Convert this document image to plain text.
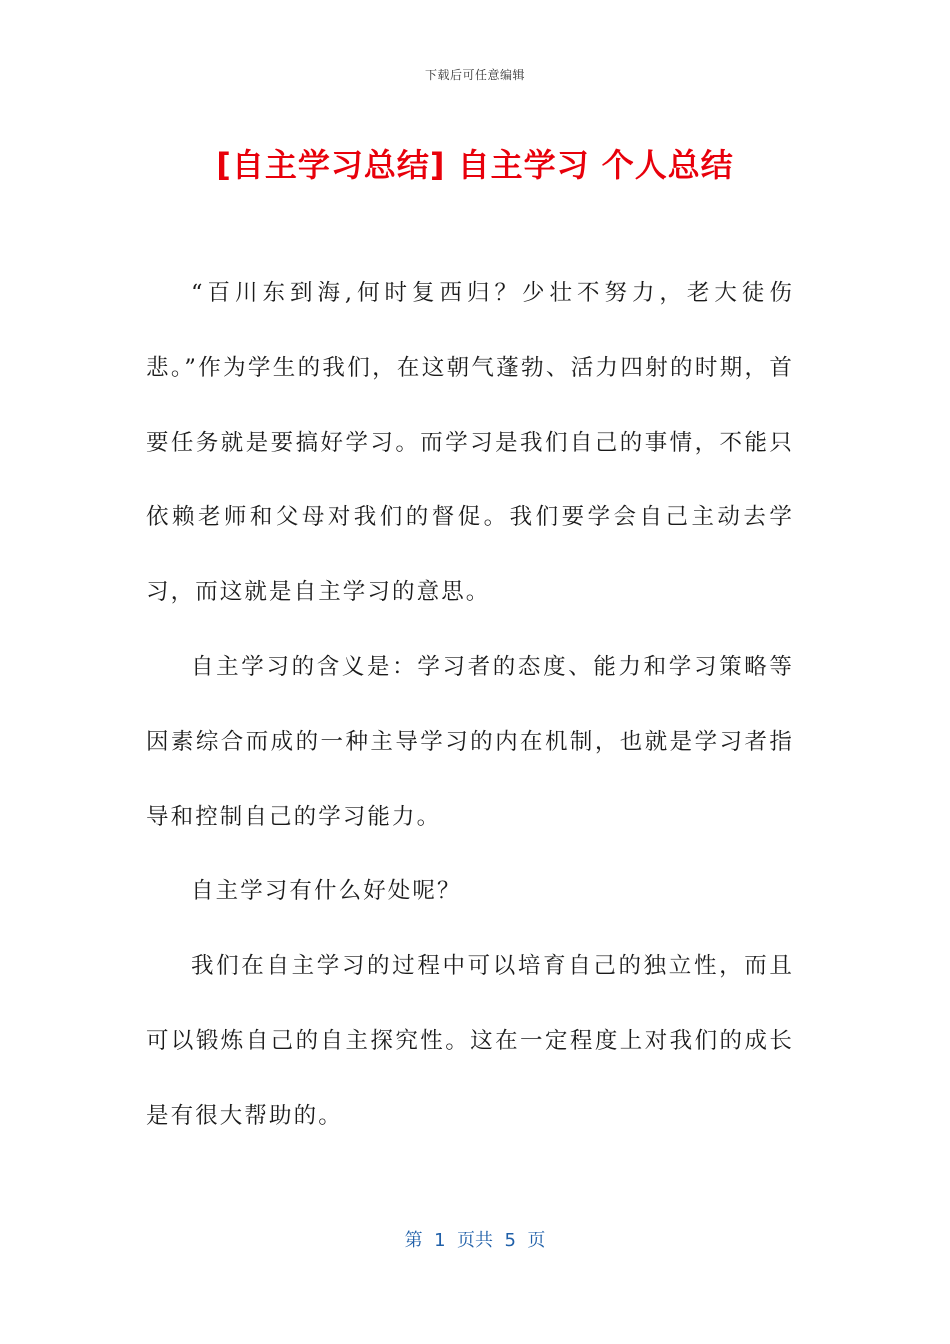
下载后可任意编辑
[自主学习总结] 自主学习 个人总结

“百川东到海,何时复西归？少壮不努力，老大徒伤悲。”作为学生的我们，在这朝气蓬勃、活力四射的时期，首要任务就是要搞好学习。而学习是我们自己的事情，不能只依赖老师和父母对我们的督促。我们要学会自己主动去学习，而这就是自主学习的意思。

自主学习的含义是：学习者的态度、能力和学习策略等因素综合而成的一种主导学习的内在机制，也就是学习者指导和控制自己的学习能力。

自主学习有什么好处呢？

我们在自主学习的过程中可以培育自己的独立性，而且可以锻炼自己的自主探究性。这在一定程度上对我们的成长是有很大帮助的。

第  1  页共  5  页
